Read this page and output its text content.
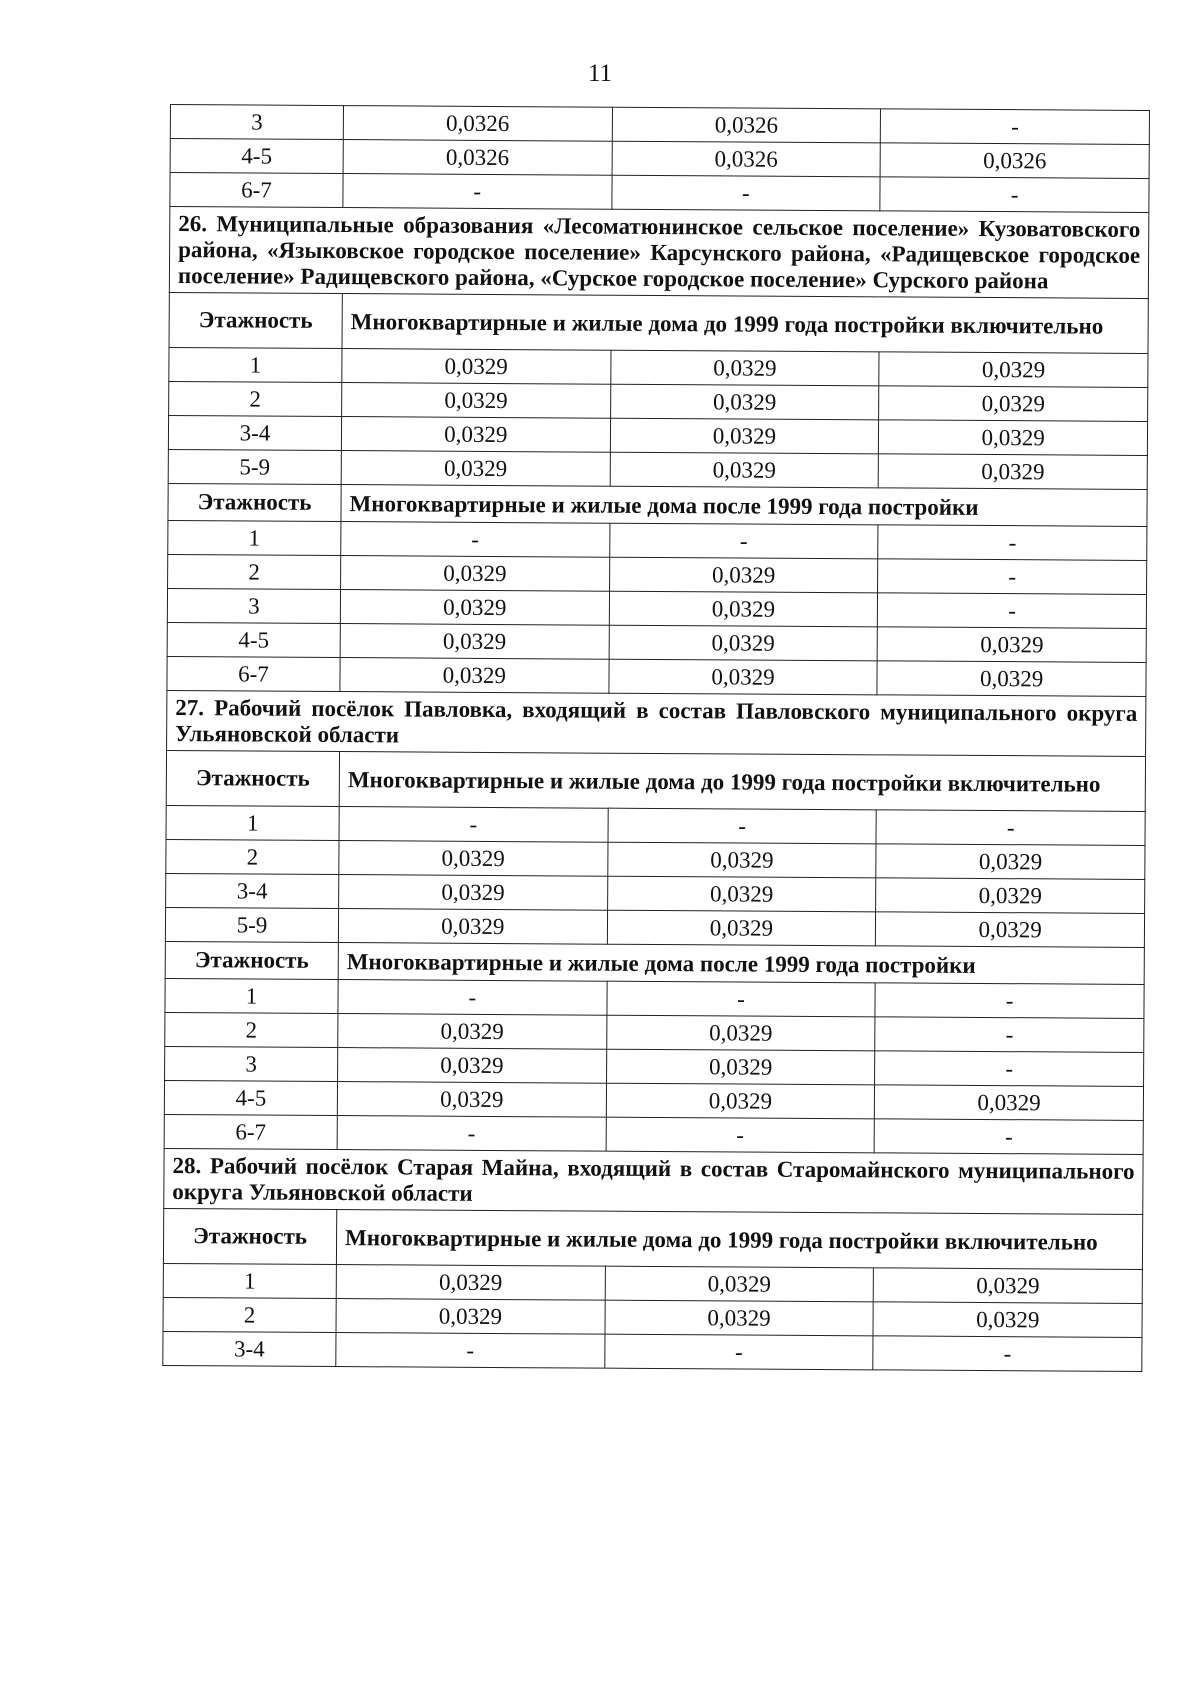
11
3	0,0326	0,0326	-
4-5	0,0326	0,0326	0,0326
6-7	-	-	-
26. Муниципальные образования «Лесоматюнинское сельское поселение» Кузоватовского района, «Языковское городское поселение» Карсунского района, «Радищевское городское поселение» Радищевского района, «Сурское городское поселение» Сурского района			
Этажность	Многоквартирные и жилые дома до 1999 года постройки включительно		
1	0,0329	0,0329	0,0329
2	0,0329	0,0329	0,0329
3-4	0,0329	0,0329	0,0329
5-9	0,0329	0,0329	0,0329
Этажность	Многоквартирные и жилые дома после 1999 года постройки		
1	-	-	-
2	0,0329	0,0329	-
3	0,0329	0,0329	-
4-5	0,0329	0,0329	0,0329
6-7	0,0329	0,0329	0,0329
27. Рабочий посёлок Павловка, входящий в состав Павловского муниципального округа Ульяновской области			
Этажность	Многоквартирные и жилые дома до 1999 года постройки включительно		
1	-	-	-
2	0,0329	0,0329	0,0329
3-4	0,0329	0,0329	0,0329
5-9	0,0329	0,0329	0,0329
Этажность	Многоквартирные и жилые дома после 1999 года постройки		
1	-	-	-
2	0,0329	0,0329	-
3	0,0329	0,0329	-
4-5	0,0329	0,0329	0,0329
6-7	-	-	-
28. Рабочий посёлок Старая Майна, входящий в состав Старомайнского муниципального округа Ульяновской области			
Этажность	Многоквартирные и жилые дома до 1999 года постройки включительно		
1	0,0329	0,0329	0,0329
2	0,0329	0,0329	0,0329
3-4	-	-	-
